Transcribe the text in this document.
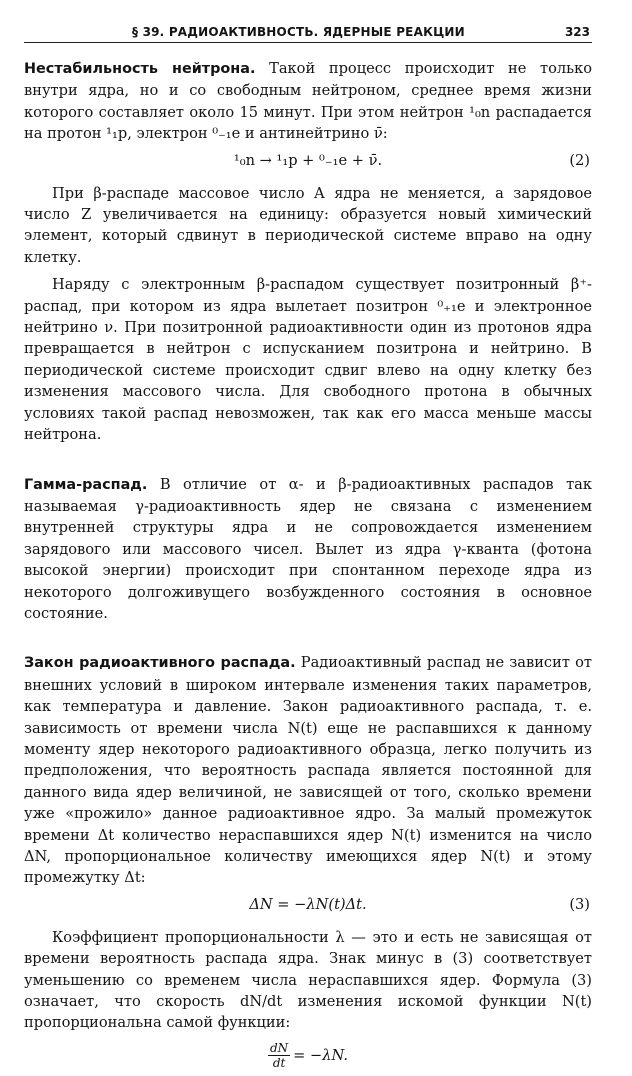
§ 39. РАДИОАКТИВНОСТЬ. ЯДЕРНЫЕ РЕАКЦИИ	323

Нестабильность нейтрона. Такой процесс происходит не только внутри ядра, но и со свободным нейтроном, среднее время жизни которого составляет около 15 минут. При этом нейтрон ¹₀n распадается на протон ¹₁p, электрон ⁰₋₁e и антинейтрино ν̄:

¹₀n → ¹₁p + ⁰₋₁e + ν̄.	(2)

При β-распаде массовое число A ядра не меняется, а зарядовое число Z увеличивается на единицу: образуется новый химический элемент, который сдвинут в периодической системе вправо на одну клетку.

Наряду с электронным β-распадом существует позитронный β⁺-распад, при котором из ядра вылетает позитрон ⁰₊₁e и электронное нейтрино ν. При позитронной радиоактивности один из протонов ядра превращается в нейтрон с испусканием позитрона и нейтрино. В периодической системе происходит сдвиг влево на одну клетку без изменения массового числа. Для свободного протона в обычных условиях такой распад невозможен, так как его масса меньше массы нейтрона.

Гамма-распад. В отличие от α- и β-радиоактивных распадов так называемая γ-радиоактивность ядер не связана с изменением внутренней структуры ядра и не сопровождается изменением зарядового или массового чисел. Вылет из ядра γ-кванта (фотона высокой энергии) происходит при спонтанном переходе ядра из некоторого долгоживущего возбужденного состояния в основное состояние.

Закон радиоактивного распада. Радиоактивный распад не зависит от внешних условий в широком интервале изменения таких параметров, как температура и давление. Закон радиоактивного распада, т. е. зависимость от времени числа N(t) еще не распавшихся к данному моменту ядер некоторого радиоактивного образца, легко получить из предположения, что вероятность распада является постоянной для данного вида ядер величиной, не зависящей от того, сколько времени уже «прожило» данное радиоактивное ядро. За малый промежуток времени Δt количество нераспавшихся ядер N(t) изменится на число ΔN, пропорциональное количеству имеющихся ядер N(t) и этому промежутку Δt:

ΔN = −λN(t)Δt.	(3)

Коэффициент пропорциональности λ — это и есть не зависящая от времени вероятность распада ядра. Знак минус в (3) соответствует уменьшению со временем числа нераспавшихся ядер. Формула (3) означает, что скорость dN/dt изменения искомой функции N(t) пропорциональна самой функции:

$\frac{dN}{dt} = -\lambda N$.
